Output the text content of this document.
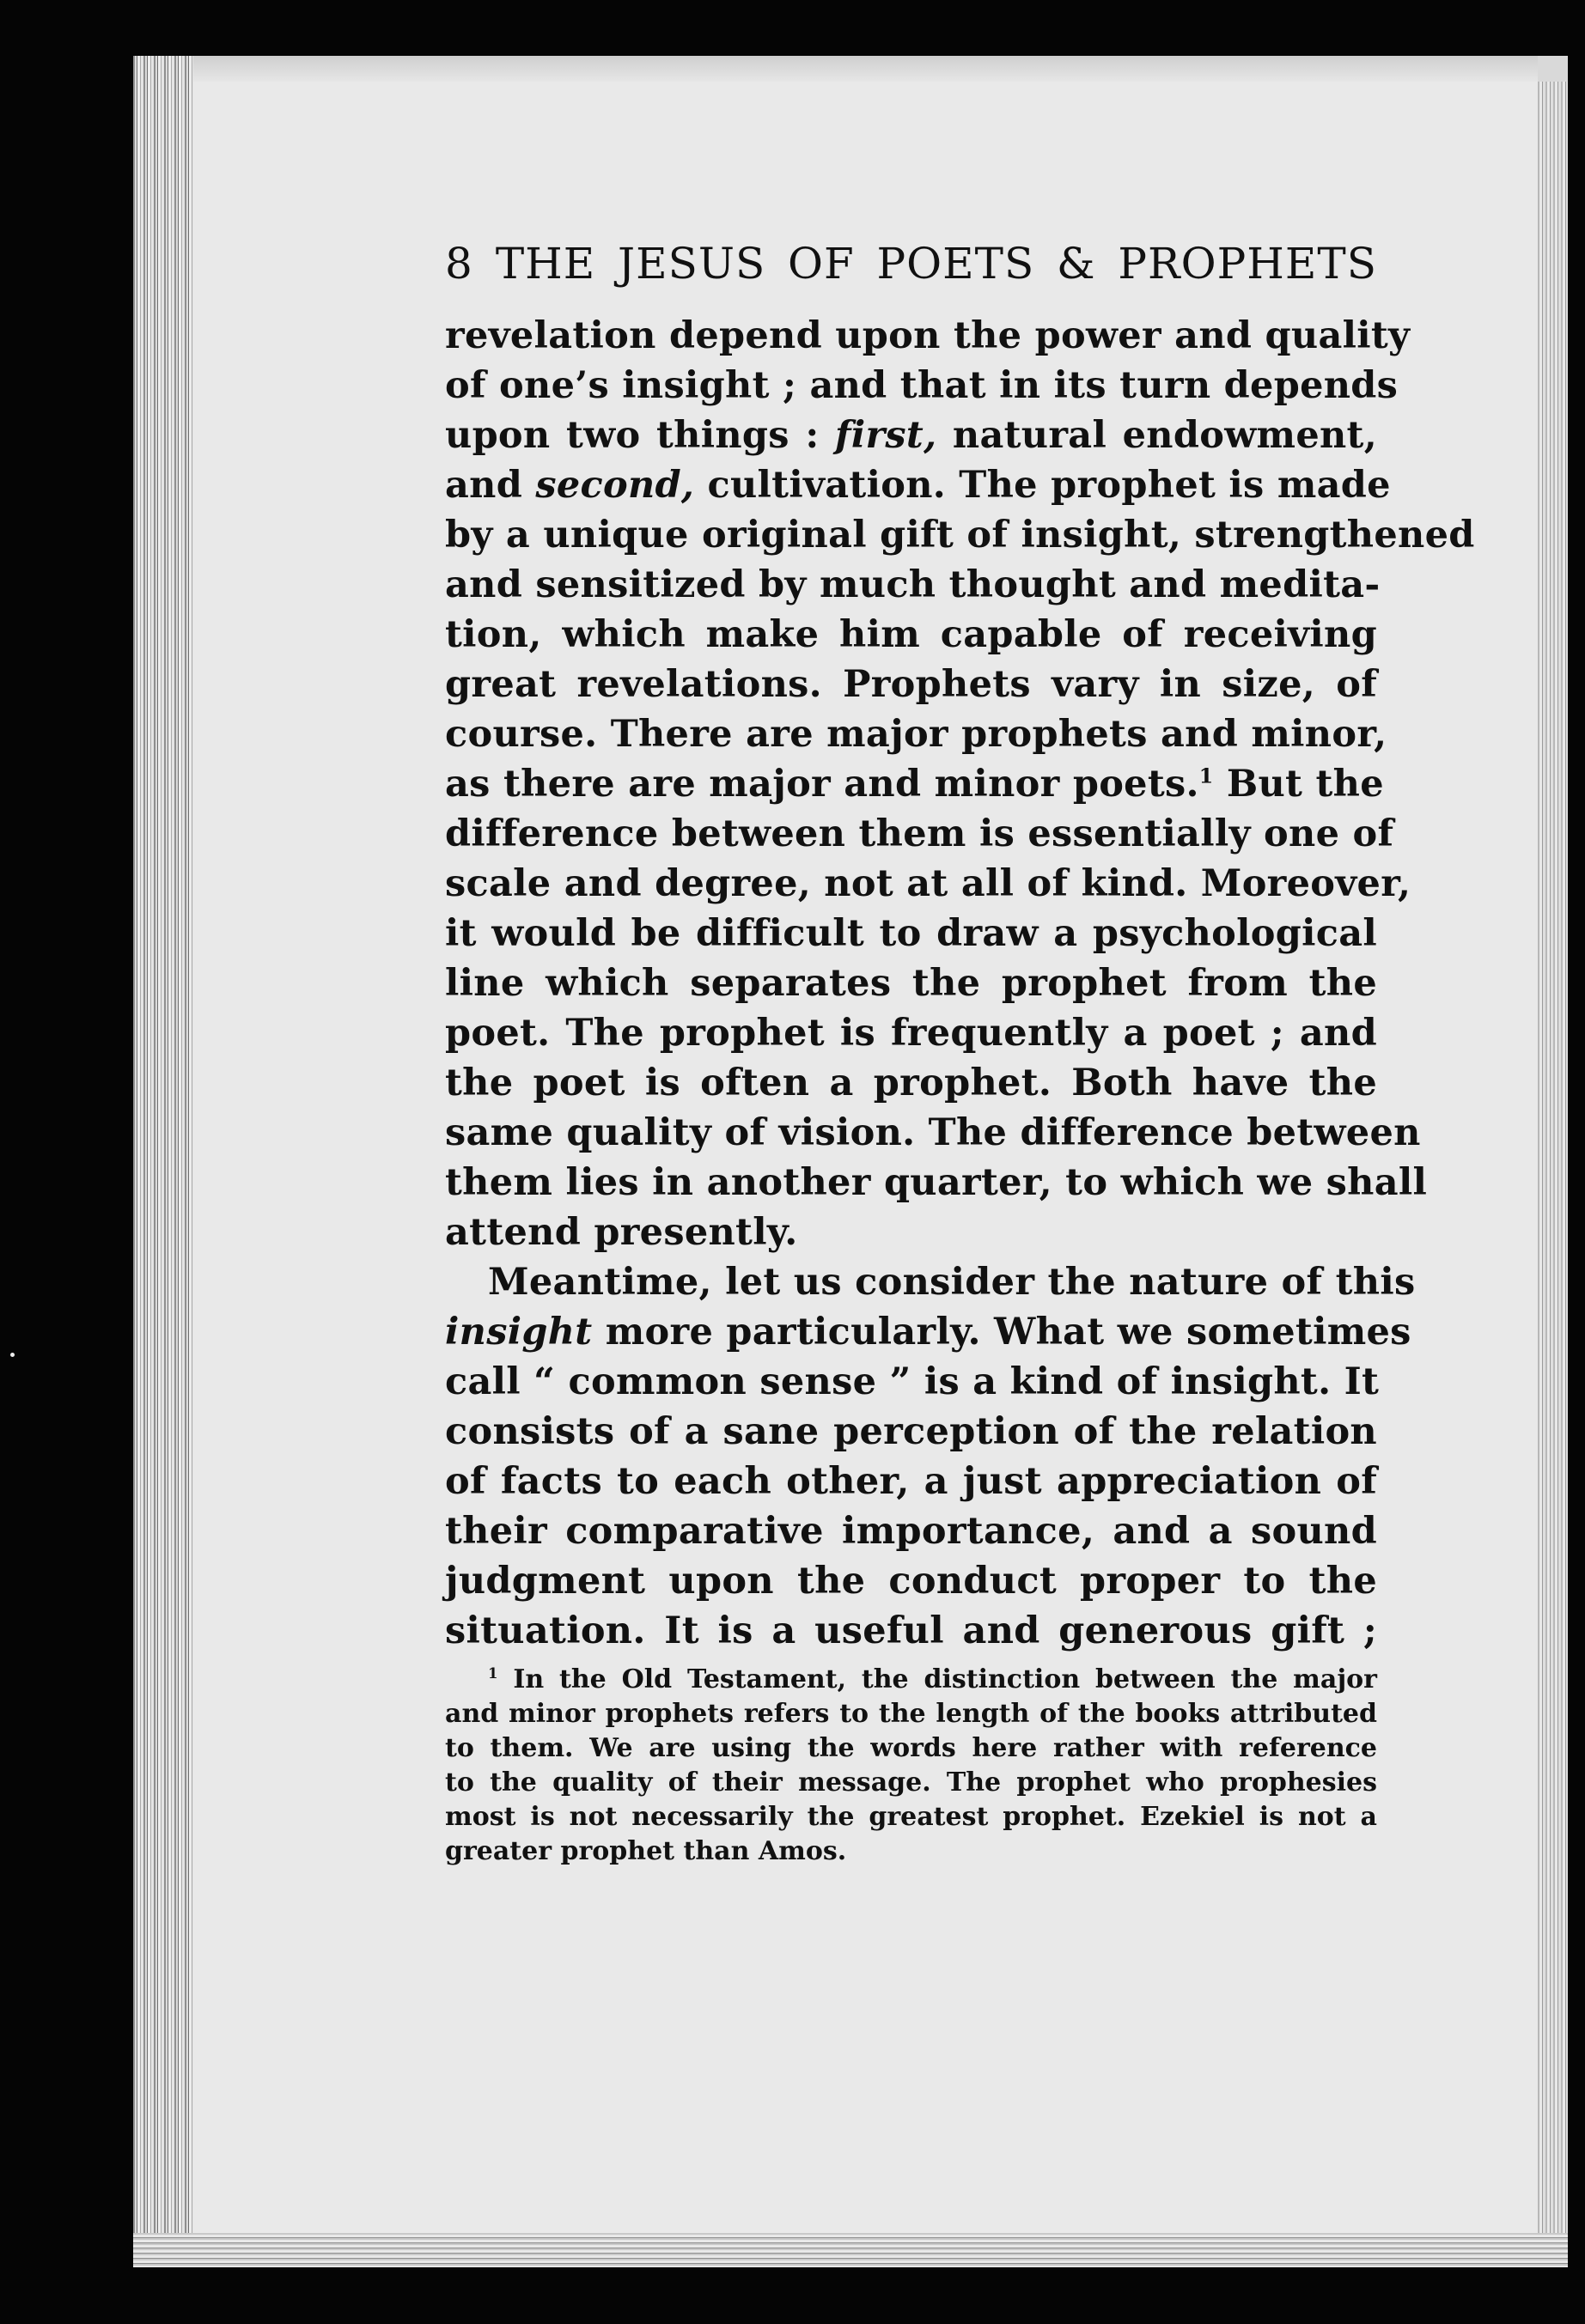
8 THE JESUS OF POETS & PROPHETS
revelation depend upon the power and quality
of one’s insight ; and that in its turn depends
upon two things : first, natural endowment,
and second, cultivation. The prophet is made
by a unique original gift of insight, strengthened
and sensitized by much thought and medita-
tion, which make him capable of receiving
great revelations. Prophets vary in size, of
course. There are major prophets and minor,
as there are major and minor poets.$^1$ But the
difference between them is essentially one of
scale and degree, not at all of kind. Moreover,
it would be difficult to draw a psychological
line which separates the prophet from the
poet. The prophet is frequently a poet ; and
the poet is often a prophet. Both have the
same quality of vision. The difference between
them lies in another quarter, to which we shall
attend presently.
Meantime, let us consider the nature of this
insight more particularly. What we sometimes
call “ common sense ” is a kind of insight. It
consists of a sane perception of the relation
of facts to each other, a just appreciation of
their comparative importance, and a sound
judgment upon the conduct proper to the
situation. It is a useful and generous gift ;
$^1$ In the Old Testament, the distinction between the major
and minor prophets refers to the length of the books attributed
to them. We are using the words here rather with reference
to the quality of their message. The prophet who prophesies
most is not necessarily the greatest prophet. Ezekiel is not a
greater prophet than Amos.
